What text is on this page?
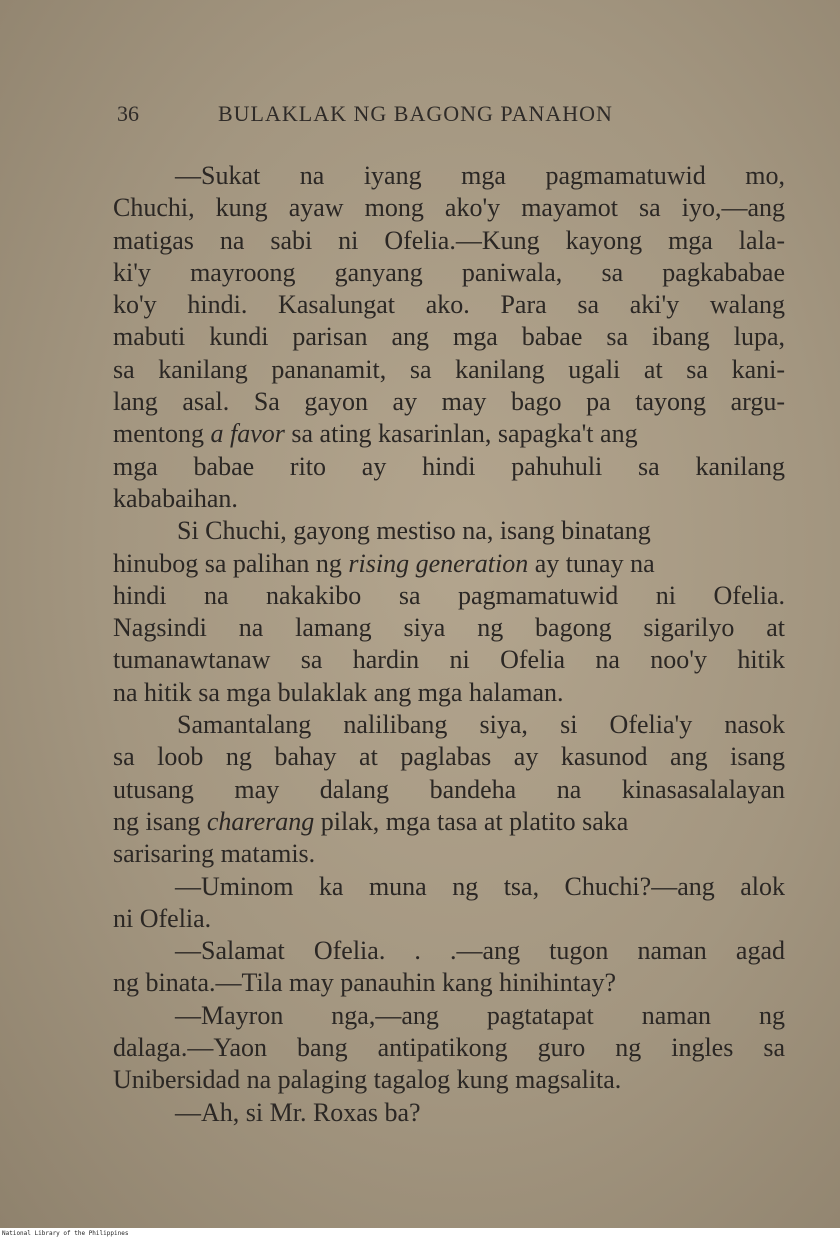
36	BULAKLAK NG BAGONG PANAHON
—Sukat na iyang mga pagmamatuwid mo,
Chuchi, kung ayaw mong ako'y mayamot sa iyo,—ang
matigas na sabi ni Ofelia.—Kung kayong mga lala-
ki'y mayroong ganyang paniwala, sa pagkababae
ko'y hindi. Kasalungat ako. Para sa aki'y walang
mabuti kundi parisan ang mga babae sa ibang lupa,
sa kanilang pananamit, sa kanilang ugali at sa kani-
lang asal. Sa gayon ay may bago pa tayong argu-
mentong a favor sa ating kasarinlan, sapagka't ang
mga babae rito ay hindi pahuhuli sa kanilang
kababaihan.
Si Chuchi, gayong mestiso na, isang binatang
hinubog sa palihan ng rising generation ay tunay na
hindi na nakakibo sa pagmamatuwid ni Ofelia.
Nagsindi na lamang siya ng bagong sigarilyo at
tumanawtanaw sa hardin ni Ofelia na noo'y hitik
na hitik sa mga bulaklak ang mga halaman.
Samantalang nalilibang siya, si Ofelia'y nasok
sa loob ng bahay at paglabas ay kasunod ang isang
utusang may dalang bandeha na kinasasalalayan
ng isang charerang pilak, mga tasa at platito saka
sarisaring matamis.
—Uminom ka muna ng tsa, Chuchi?—ang alok
ni Ofelia.
—Salamat Ofelia. . .—ang tugon naman agad
ng binata.—Tila may panauhin kang hinihintay?
—Mayron nga,—ang pagtatapat naman ng
dalaga.—Yaon bang antipatikong guro ng ingles sa
Unibersidad na palaging tagalog kung magsalita.
—Ah, si Mr. Roxas ba?
National Library of the Philippines
